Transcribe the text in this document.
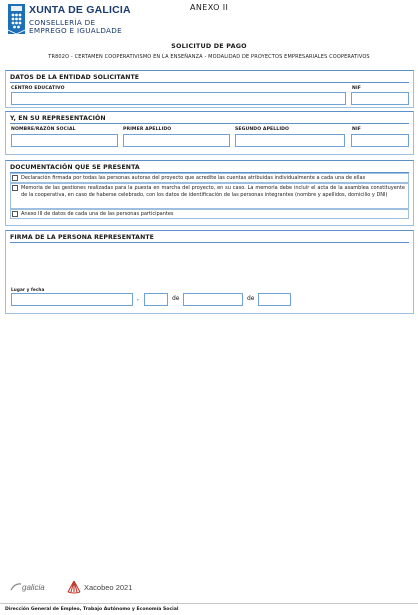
XUNTA DE GALICIA
CONSELLERÍA DE
EMPREGO E IGUALDADE
ANEXO II
SOLICITUD DE PAGO
TR802O - CERTAMEN COOPERATIVISMO EN LA ENSEÑANZA - MODALIDAD DE PROYECTOS EMPRESARIALES COOPERATIVOS
DATOS DE LA ENTIDAD SOLICITANTE
CENTRO EDUCATIVO	NIF
Y, EN SU REPRESENTACIÓN
NOMBRE/RAZÓN SOCIAL	PRIMER APELLIDO	SEGUNDO APELLIDO	NIF
DOCUMENTACIÓN QUE SE PRESENTA
Declaración firmada por todas las personas autoras del proyecto que acredite las cuentas atribuidas individualmente a cada una de ellas
Memoria de las gestiones realizadas para la puesta en marcha del proyecto, en su caso. La memoria debe incluir el acta de la asamblea constituyente de la cooperativa, en caso de haberse celebrado, con los datos de identificación de las personas integrantes (nombre y apellidos, domicilio y DNI)
Anexo III de datos de cada una de las personas participantes
FIRMA DE LA PERSONA REPRESENTANTE
Lugar y fecha
,	de	de
galicia	Xacobeo 2021
Dirección General de Empleo, Trabajo Autónomo y Economía Social
